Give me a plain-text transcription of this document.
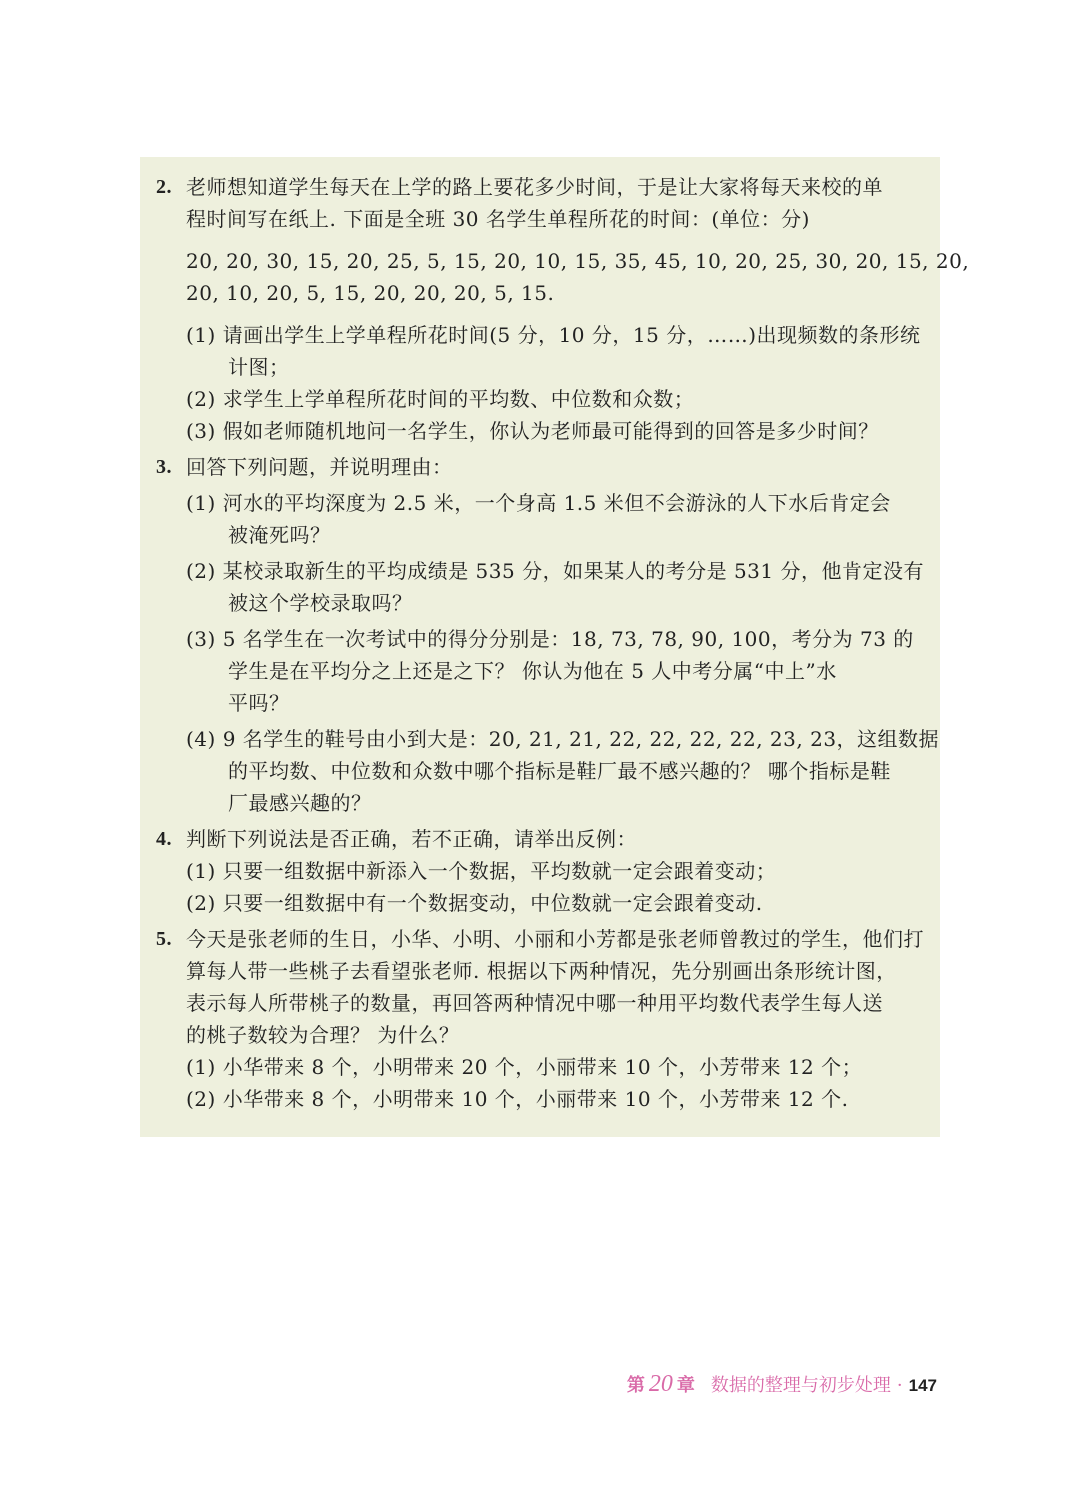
2. 老师想知道学生每天在上学的路上要花多少时间，于是让大家将每天来校的单
程时间写在纸上. 下面是全班 30 名学生单程所花的时间：(单位：分)
20, 20, 30, 15, 20, 25, 5, 15, 20, 10, 15, 35, 45, 10, 20, 25, 30, 20, 15, 20,
20, 10, 20, 5, 15, 20, 20, 20, 5, 15.
(1) 请画出学生上学单程所花时间(5 分，10 分，15 分，……)出现频数的条形统
计图；
(2) 求学生上学单程所花时间的平均数、中位数和众数；
(3) 假如老师随机地问一名学生，你认为老师最可能得到的回答是多少时间？
3. 回答下列问题，并说明理由：
(1) 河水的平均深度为 2.5 米，一个身高 1.5 米但不会游泳的人下水后肯定会
被淹死吗？
(2) 某校录取新生的平均成绩是 535 分，如果某人的考分是 531 分，他肯定没有
被这个学校录取吗？
(3) 5 名学生在一次考试中的得分分别是：18, 73, 78, 90, 100，考分为 73 的
学生是在平均分之上还是之下？ 你认为他在 5 人中考分属“中上”水
平吗？
(4) 9 名学生的鞋号由小到大是：20, 21, 21, 22, 22, 22, 22, 23, 23，这组数据
的平均数、中位数和众数中哪个指标是鞋厂最不感兴趣的？ 哪个指标是鞋
厂最感兴趣的？
4. 判断下列说法是否正确，若不正确，请举出反例：
(1) 只要一组数据中新添入一个数据，平均数就一定会跟着变动；
(2) 只要一组数据中有一个数据变动，中位数就一定会跟着变动.
5. 今天是张老师的生日，小华、小明、小丽和小芳都是张老师曾教过的学生，他们打
算每人带一些桃子去看望张老师. 根据以下两种情况，先分别画出条形统计图，
表示每人所带桃子的数量，再回答两种情况中哪一种用平均数代表学生每人送
的桃子数较为合理？ 为什么？
(1) 小华带来 8 个，小明带来 20 个，小丽带来 10 个，小芳带来 12 个；
(2) 小华带来 8 个，小明带来 10 个，小丽带来 10 个，小芳带来 12 个.
第 20 章 数据的整理与初步处理 · 147
